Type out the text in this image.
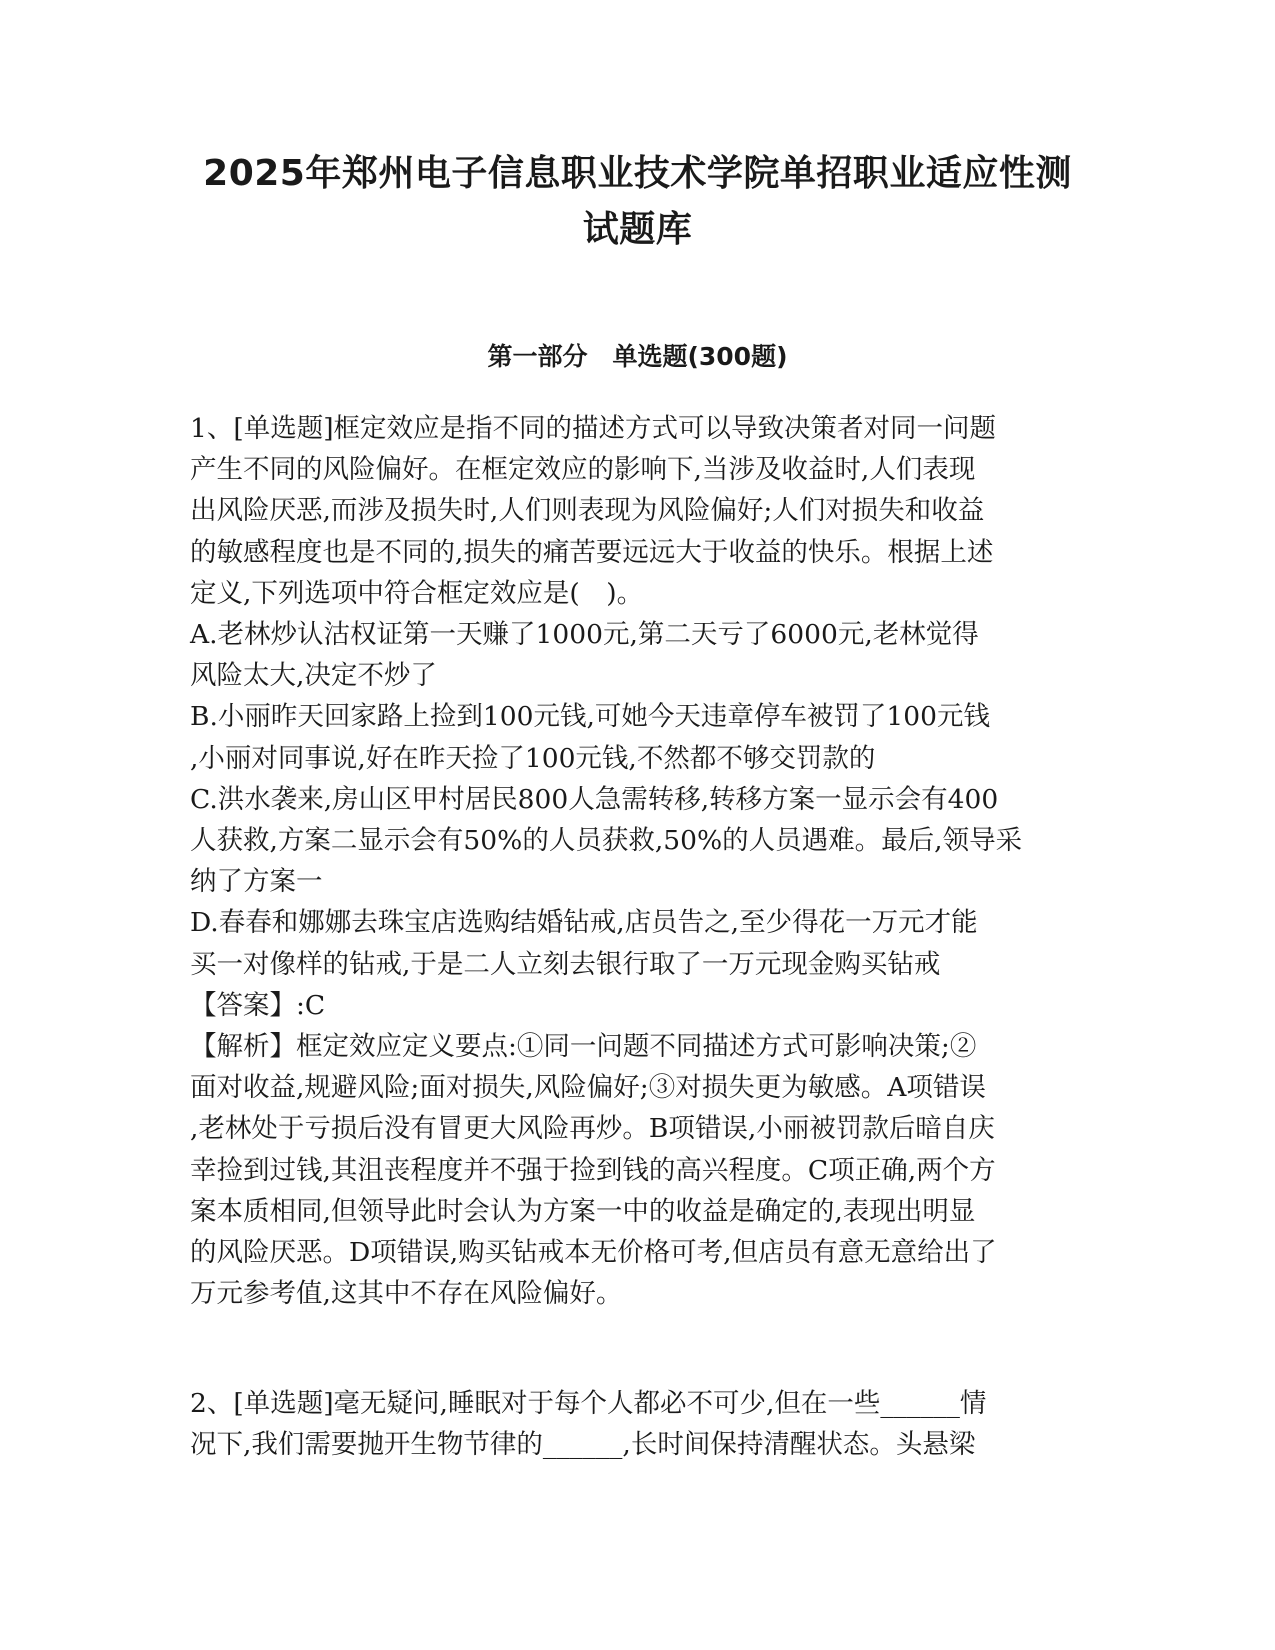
2025年郑州电子信息职业技术学院单招职业适应性测
试题库
第一部分　单选题(300题)
1、[单选题]框定效应是指不同的描述方式可以导致决策者对同一问题
产生不同的风险偏好。在框定效应的影响下,当涉及收益时,人们表现
出风险厌恶,而涉及损失时,人们则表现为风险偏好;人们对损失和收益
的敏感程度也是不同的,损失的痛苦要远远大于收益的快乐。根据上述
定义,下列选项中符合框定效应是(　)。
A.老林炒认沽权证第一天赚了1000元,第二天亏了6000元,老林觉得
风险太大,决定不炒了
B.小丽昨天回家路上捡到100元钱,可她今天违章停车被罚了100元钱
,小丽对同事说,好在昨天捡了100元钱,不然都不够交罚款的
C.洪水袭来,房山区甲村居民800人急需转移,转移方案一显示会有400
人获救,方案二显示会有50%的人员获救,50%的人员遇难。最后,领导采
纳了方案一
D.春春和娜娜去珠宝店选购结婚钻戒,店员告之,至少得花一万元才能
买一对像样的钻戒,于是二人立刻去银行取了一万元现金购买钻戒
【答案】:C
【解析】框定效应定义要点:①同一问题不同描述方式可影响决策;②
面对收益,规避风险;面对损失,风险偏好;③对损失更为敏感。A项错误
,老林处于亏损后没有冒更大风险再炒。B项错误,小丽被罚款后暗自庆
幸捡到过钱,其沮丧程度并不强于捡到钱的高兴程度。C项正确,两个方
案本质相同,但领导此时会认为方案一中的收益是确定的,表现出明显
的风险厌恶。D项错误,购买钻戒本无价格可考,但店员有意无意给出了
万元参考值,这其中不存在风险偏好。
2、[单选题]毫无疑问,睡眠对于每个人都必不可少,但在一些______情
况下,我们需要抛开生物节律的______,长时间保持清醒状态。头悬梁
